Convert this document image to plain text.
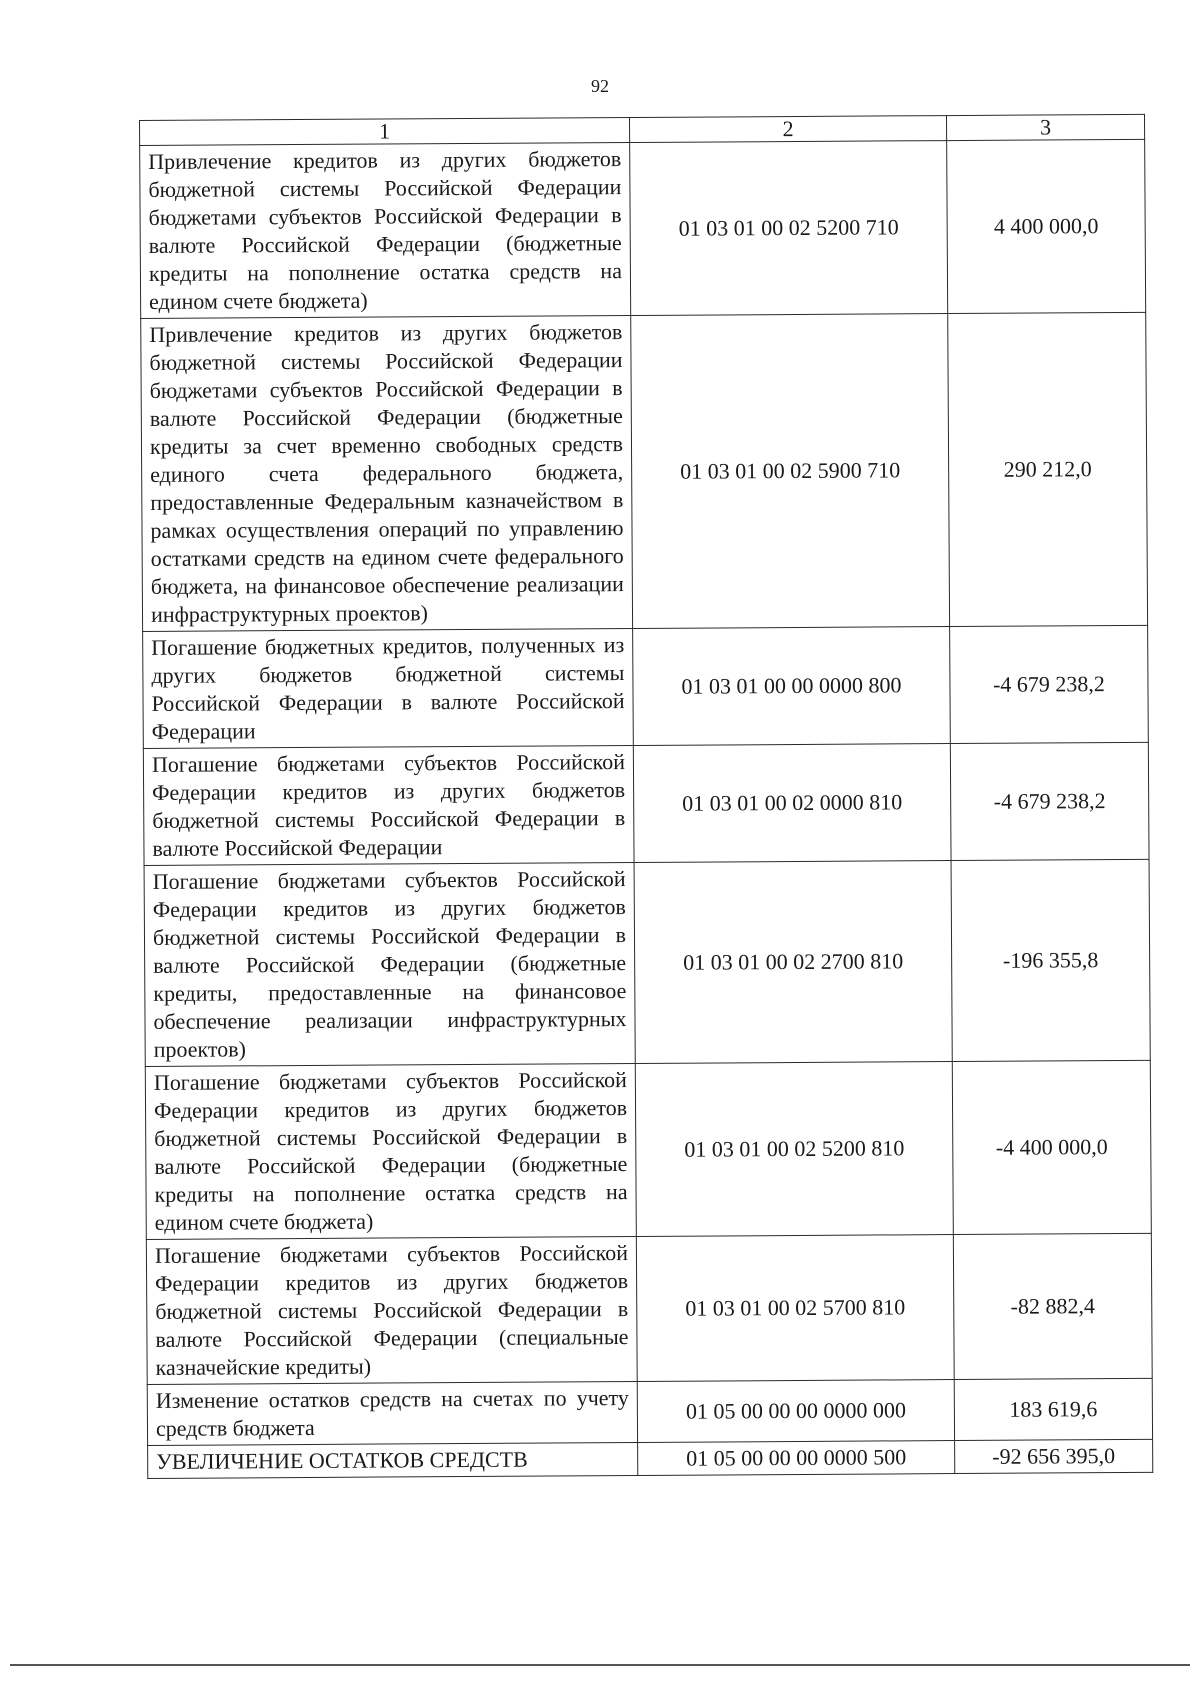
92
1	2	3
Привлечение кредитов из других бюджетов бюджетной системы Российской Федерации бюджетами субъектов Российской Федерации в валюте Российской Федерации (бюджетные кредиты на пополнение остатка средств на едином счете бюджета)	01 03 01 00 02 5200 710	4 400 000,0
Привлечение кредитов из других бюджетов бюджетной системы Российской Федерации бюджетами субъектов Российской Федерации в валюте Российской Федерации (бюджетные кредиты за счет временно свободных средств единого счета федерального бюджета, предоставленные Федеральным казначейством в рамках осуществления операций по управлению остатками средств на едином счете федерального бюджета, на финансовое обеспечение реализации инфраструктурных проектов)	01 03 01 00 02 5900 710	290 212,0
Погашение бюджетных кредитов, полученных из других бюджетов бюджетной системы Российской Федерации в валюте Российской Федерации	01 03 01 00 00 0000 800	-4 679 238,2
Погашение бюджетами субъектов Российской Федерации кредитов из других бюджетов бюджетной системы Российской Федерации в валюте Российской Федерации	01 03 01 00 02 0000 810	-4 679 238,2
Погашение бюджетами субъектов Российской Федерации кредитов из других бюджетов бюджетной системы Российской Федерации в валюте Российской Федерации (бюджетные кредиты, предоставленные на финансовое обеспечение реализации инфраструктурных проектов)	01 03 01 00 02 2700 810	-196 355,8
Погашение бюджетами субъектов Российской Федерации кредитов из других бюджетов бюджетной системы Российской Федерации в валюте Российской Федерации (бюджетные кредиты на пополнение остатка средств на едином счете бюджета)	01 03 01 00 02 5200 810	-4 400 000,0
Погашение бюджетами субъектов Российской Федерации кредитов из других бюджетов бюджетной системы Российской Федерации в валюте Российской Федерации (специальные казначейские кредиты)	01 03 01 00 02 5700 810	-82 882,4
Изменение остатков средств на счетах по учету средств бюджета	01 05 00 00 00 0000 000	183 619,6
УВЕЛИЧЕНИЕ ОСТАТКОВ СРЕДСТВ	01 05 00 00 00 0000 500	-92 656 395,0
